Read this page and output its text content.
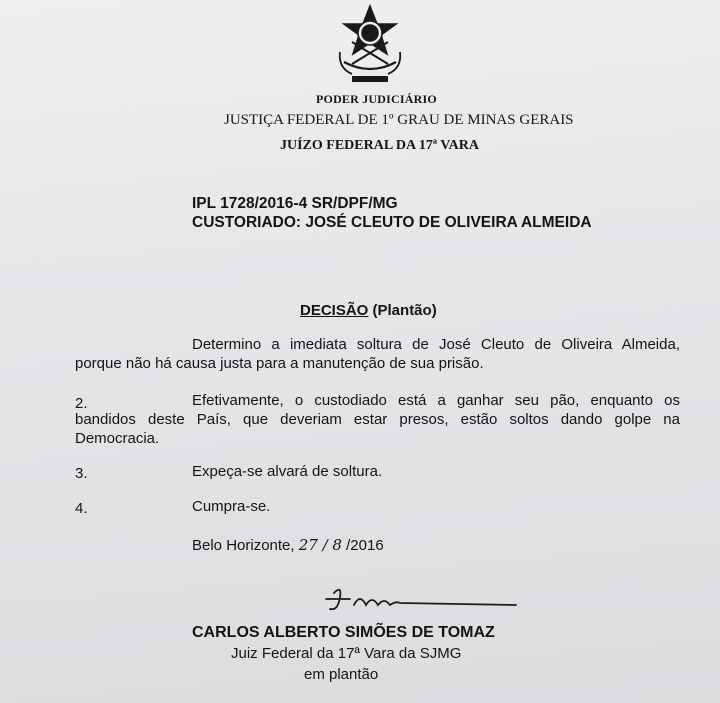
PODER JUDICIÁRIO
JUSTIÇA FEDERAL DE 1º GRAU DE MINAS GERAIS
JUÍZO FEDERAL DA 17ª VARA
IPL 1728/2016-4 SR/DPF/MG
CUSTORIADO: JOSÉ CLEUTO DE OLIVEIRA ALMEIDA
DECISÃO (Plantão)
Determino a imediata soltura de José Cleuto de Oliveira Almeida,
porque não há causa justa para a manutenção de sua prisão.
2.	Efetivamente, o custodiado está a ganhar seu pão, enquanto os
bandidos deste País, que deveriam estar presos, estão soltos dando golpe na
Democracia.
3.	Expeça-se alvará de soltura.
4.	Cumpra-se.
Belo Horizonte, 27 / 8 /2016
CARLOS ALBERTO SIMÕES DE TOMAZ
Juiz Federal da 17ª Vara da SJMG
em plantão
